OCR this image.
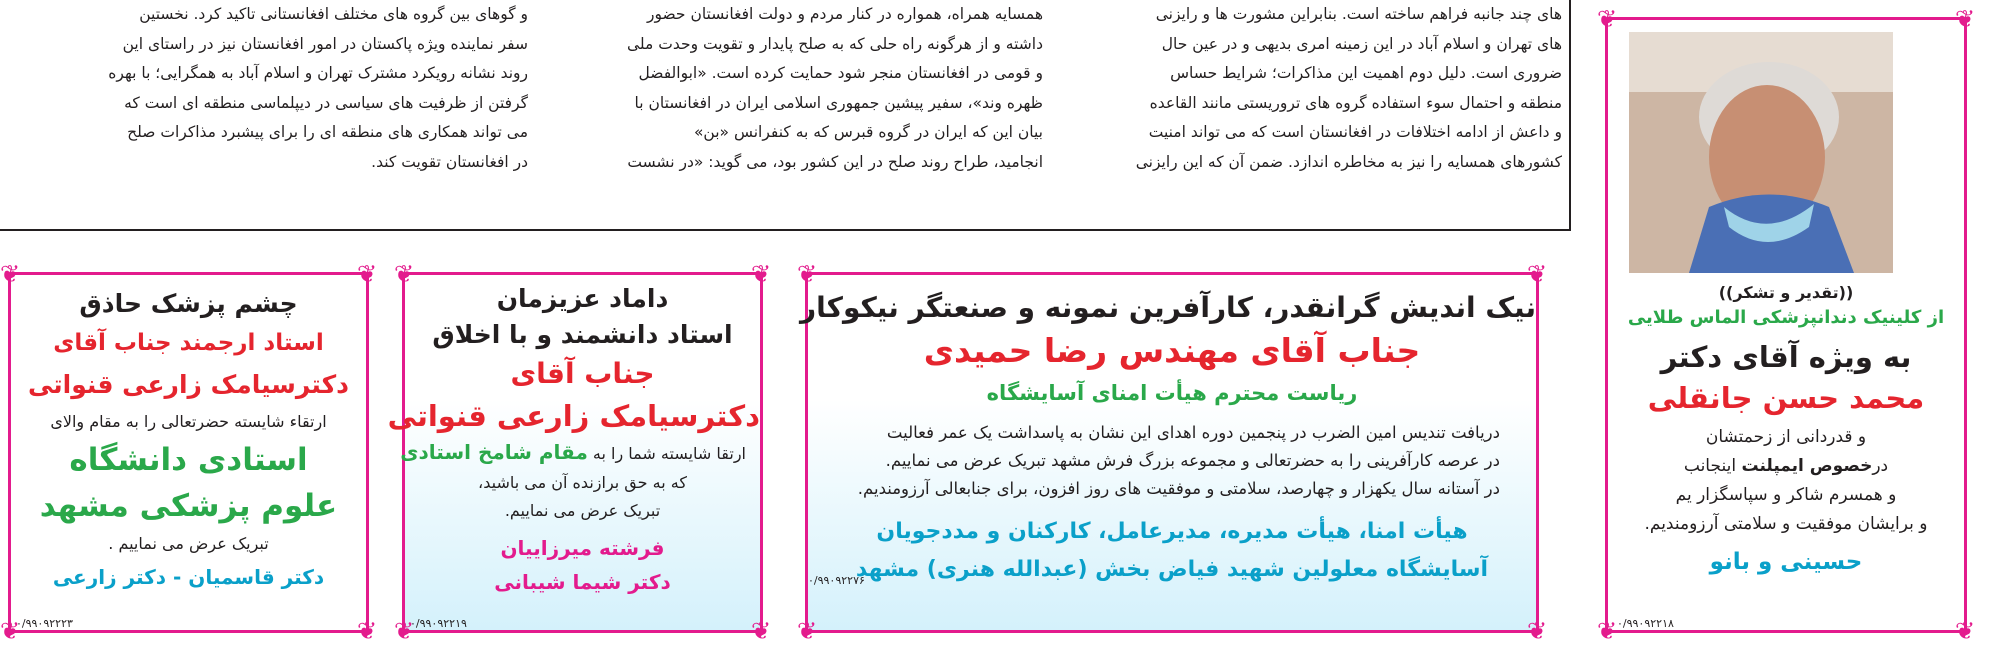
های چند جانبه فراهم ساخته است. بنابراین مشورت ها و رایزنی

های تهران و اسلام آباد در این زمینه امری بدیهی و در عین حال

ضروری است. دلیل دوم اهمیت این مذاکرات؛ شرایط حساس

منطقه و احتمال سوء استفاده گروه های تروریستی مانند القاعده

و داعش از ادامه اختلافات در افغانستان است که می تواند امنیت

کشورهای همسایه را نیز به مخاطره اندازد. ضمن آن که این رایزنی

همسایه همراه، همواره در کنار مردم و دولت افغانستان حضور

داشته و از هرگونه راه حلی که به صلح پایدار و تقویت وحدت ملی

و قومی در افغانستان منجر شود حمایت کرده است. «ابوالفضل

ظهره وند»، سفیر پیشین جمهوری اسلامی ایران در افغانستان با

بیان این که ایران در گروه قبرس که به کنفرانس «بن»

انجامید، طراح روند صلح در این کشور بود، می گوید: «در نشست

و گوهای بین گروه های مختلف افغانستانی تاکید کرد. نخستین

سفر نماینده ویژه پاکستان در امور افغانستان نیز در راستای این

روند نشانه رویکرد مشترک تهران و اسلام آباد به همگرایی؛ با بهره

گرفتن از ظرفیت های سیاسی در دیپلماسی منطقه ای است که

می تواند همکاری های منطقه ای را برای پیشبرد مذاکرات صلح

در افغانستان تقویت کند.

❦	❦
❦	❦
((تقدیر و تشکر))
از کلینیک دندانپزشکی الماس طلایی
به ویژه آقای دکتر
محمد حسن جانقلی
و قدردانی از زحمتشان
درخصوص ایمپلنت اینجانب
و همسرم شاکر و سپاسگزار یم
و برایشان موفقیت و سلامتی آرزومندیم.
حسینی و بانو
۰/۹۹۰۹۲۲۱۸
❦	❦
❦	❦
نیک اندیش گرانقدر، کارآفرین نمونه و صنعتگر نیکوکار
جناب آقای مهندس رضا حمیدی
ریاست محترم هیأت امنای آسایشگاه
دریافت تندیس امین الضرب در پنجمین دوره اهدای این نشان به پاسداشت یک عمر فعالیت
در عرصه کارآفرینی را به حضرتعالی و مجموعه بزرگ فرش مشهد تبریک عرض می نماییم.
در آستانه سال یکهزار و چهارصد، سلامتی و موفقیت های روز افزون، برای جنابعالی آرزومندیم.
هیأت امنا، هیأت مدیره، مدیرعامل، کارکنان و مددجویان
آسایشگاه معلولین شهید فیاض بخش (عبدالله هنری) مشهد
۰/۹۹۰۹۲۲۷۶
❦	❦
❦	❦
داماد عزیزمان
استاد دانشمند و با اخلاق
جناب آقای
دکترسیامک زارعی قنواتی
ارتقا شایسته شما را به مقام شامخ استادی
که به حق برازنده آن می باشید،
تبریک عرض می نماییم.
فرشته میرزاییان
دکتر شیما شیبانی
۰/۹۹۰۹۲۲۱۹
❦	❦
❦	❦
چشم پزشک حاذق
استاد ارجمند جناب آقای
دکترسیامک زارعی قنواتی
ارتقاء شایسته حضرتعالی را به مقام والای
استادی دانشگاه
علوم پزشکی مشهد
تبریک عرض می نماییم .
دکتر قاسمیان - دکتر زارعی
۰/۹۹۰۹۲۲۲۳
